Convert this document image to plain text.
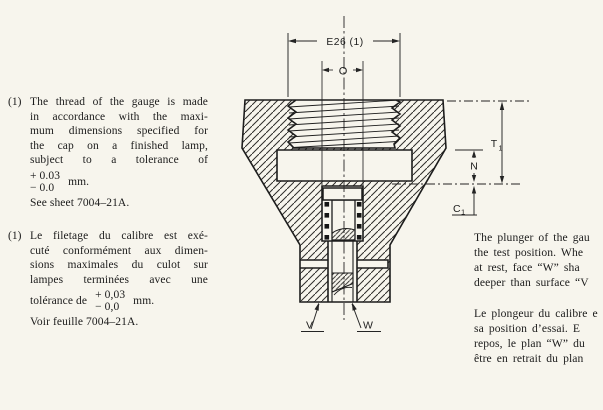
E26 (1)
O
T 1
N
C 1
V	W
(1) The thread of the gauge is made
in accordance with the maxi-
mum dimensions specified for
the cap on a finished lamp,
subject to a tolerance of
+ 0.03
− 0.0
mm.
See sheet 7004–21A.
(1) Le filetage du calibre est exé-
cuté conformément aux dimen-
sions maximales du culot sur
lampes terminées avec une
tolérance de + 0,03
− 0,0
mm.
Voir feuille 7004–21A.
The plunger of the gau
the test position. Whe
at rest, face “W” sha
deeper than surface “V
Le plongeur du calibre e
sa position d’essai. E
repos, le plan “W” du
être en retrait du plan
